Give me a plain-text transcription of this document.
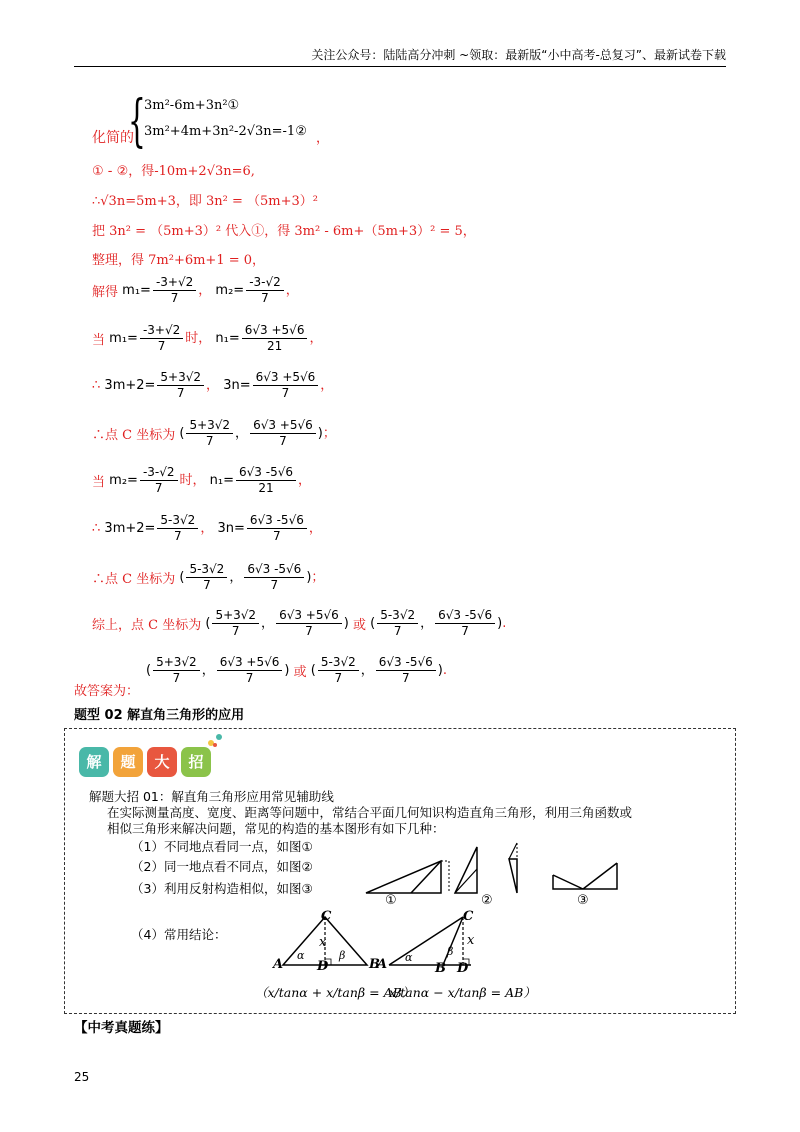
关注公众号：陆陆高分冲刺 ~领取：最新版“小中高考-总复习”、最新试卷下载
{
3m²-6m+3n²①
3m²+4m+3n²-2√3n=-1②
化简的	，
① - ②，得-10m+2√3n=6,
∴√3n=5m+3，即 3n² = （5m+3）²
把 3n² = （5m+3）² 代入①，得 3m² - 6m+（5m+3）² = 5，
整理，得 7m²+6m+1 = 0，
解得 $m_1= \frac{-3+√2}{7}$ ， $m_2= \frac{-3-√2}{7}$ ，
当 $m_1= \frac{-3+√2}{7}$ 时， $n_1= \frac{6√3 +5√6}{21}$ ，
∴ $3m+2= \frac{5+3√2}{7}$ ， $3n= \frac{6√3 +5√6}{7}$ ，
∴点 C 坐标为 ( $\frac{5+3√2}{7}$ ， $\frac{6√3 +5√6}{7}$ )；
当 $m_2= \frac{-3-√2}{7}$ 时， $n_1= \frac{6√3 -5√6}{21}$ ，
∴ $3m+2= \frac{5-3√2}{7}$ ， $3n= \frac{6√3 -5√6}{7}$ ，
∴点 C 坐标为 ( $\frac{5-3√2}{7}$ ， $\frac{6√3 -5√6}{7}$ )；
综上，点 C 坐标为 ( $\frac{5+3√2}{7}$ ， $\frac{6√3 +5√6}{7}$ ) 或 ( $\frac{5-3√2}{7}$ ， $\frac{6√3 -5√6}{7}$ ).
故答案为：
( $\frac{5+3√2}{7}$ ， $\frac{6√3 +5√6}{7}$ ) 或 ( $\frac{5-3√2}{7}$ ， $\frac{6√3 -5√6}{7}$ ).
题型 02 解直角三角形的应用
解	题	大	招
解题大招 01：解直角三角形应用常见辅助线
在实际测量高度、宽度、距离等问题中，常结合平面几何知识构造直角三角形，利用三角函数或
相似三角形来解决问题，常见的构造的基本图形有如下几种：
（1）不同地点看同一点，如图①
（2）同一地点看不同点，如图②
（3）利用反射构造相似，如图③
（4）常用结论：
①	②	③
C
A	B
D
x
α	β
C
A	B D
x
α	β
（x/tanα + x/tanβ = AB）
x/tanα − x/tanβ = AB）
【中考真题练】
25
